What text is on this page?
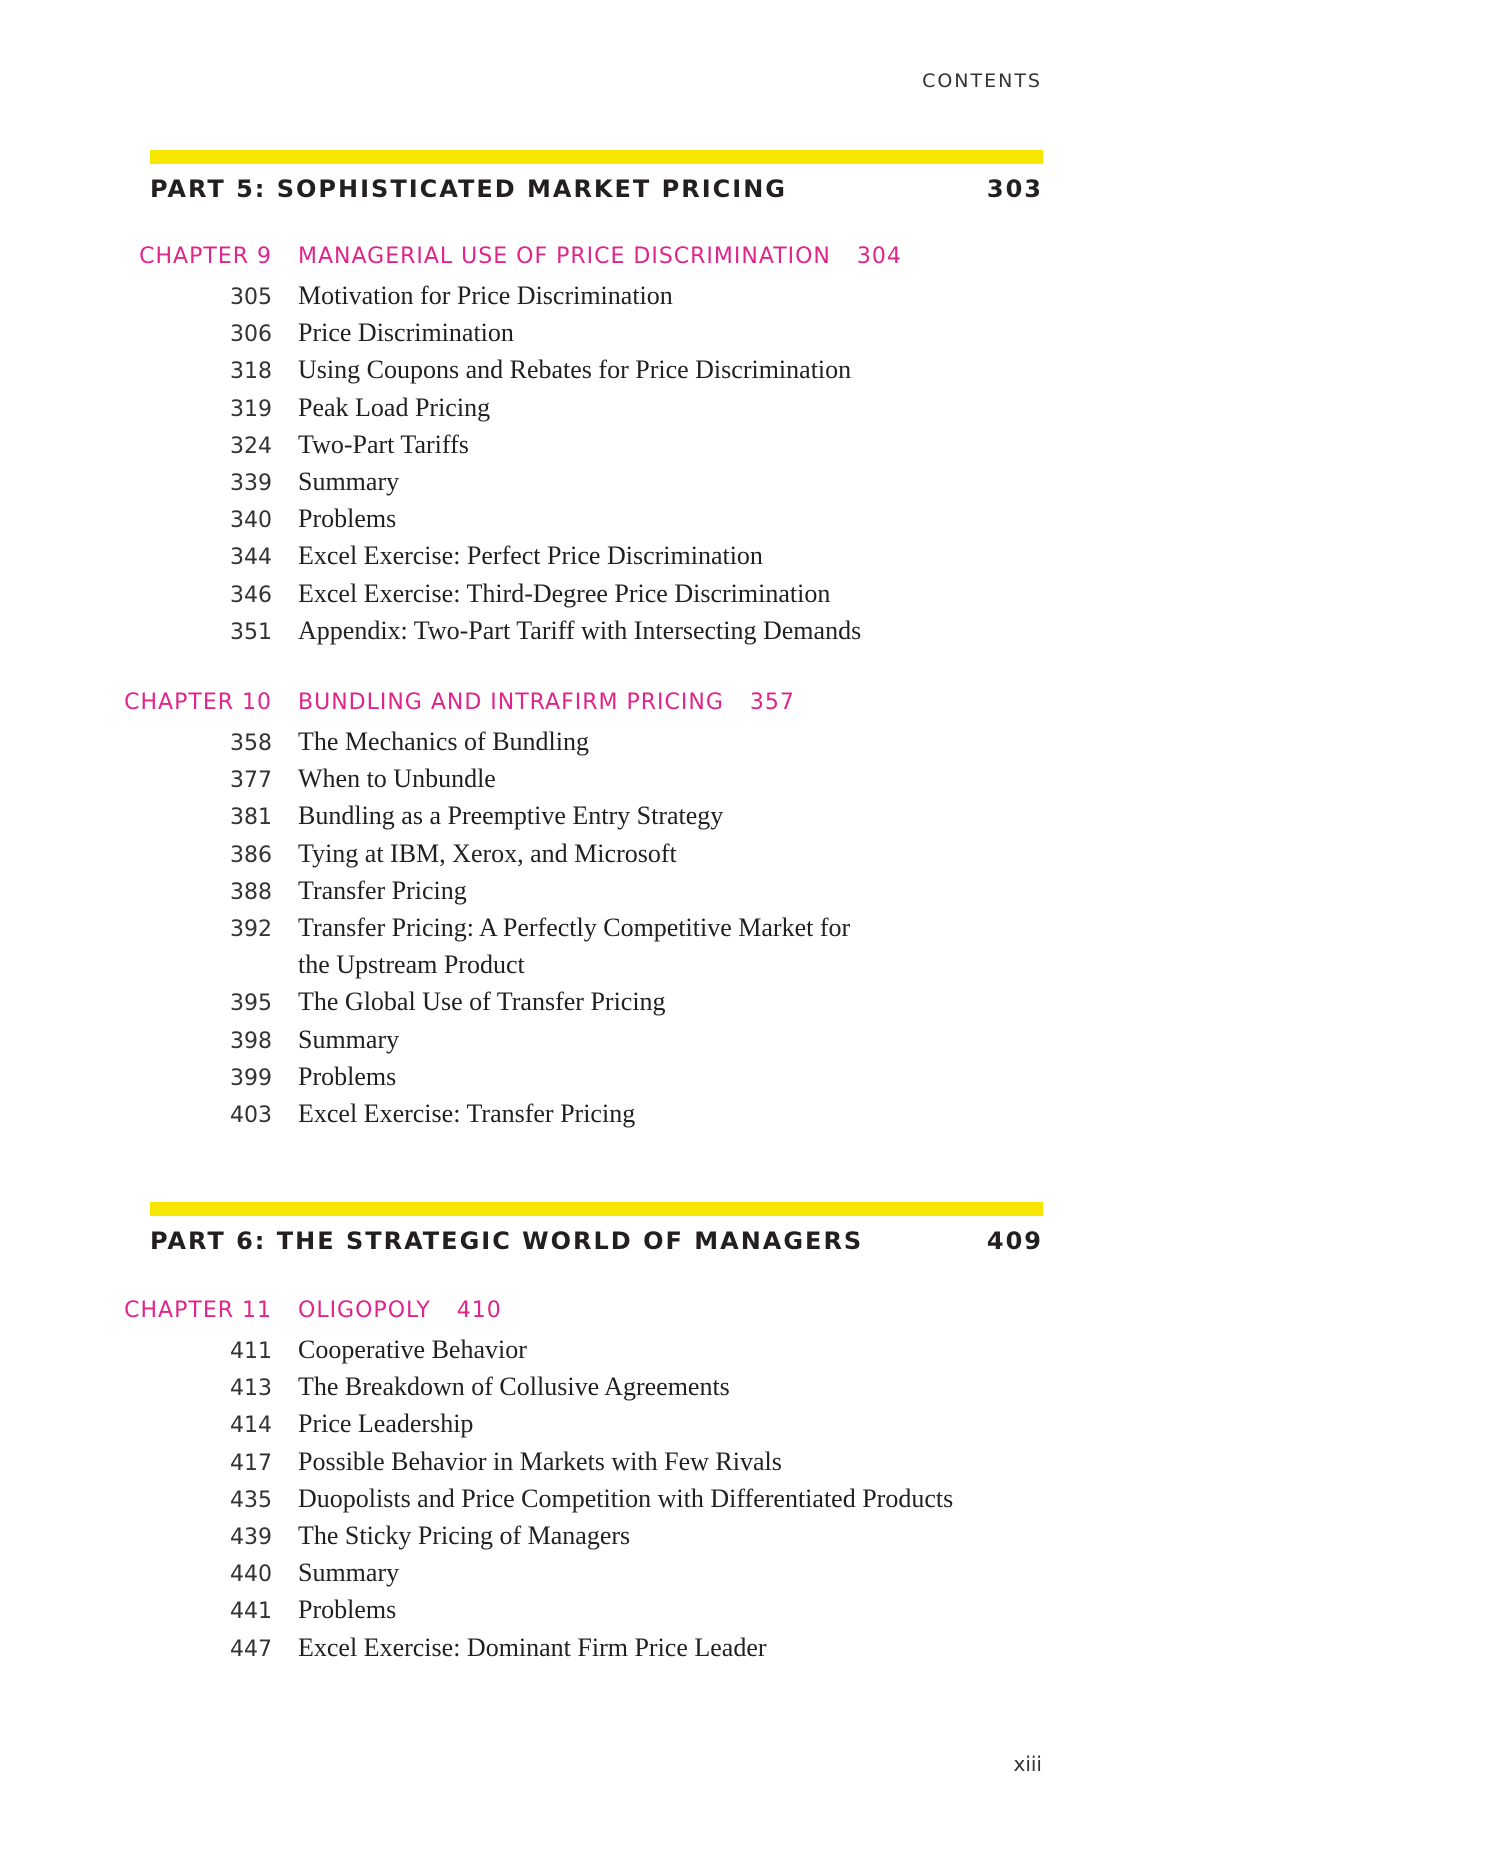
CONTENTS
PART 5: SOPHISTICATED MARKET PRICING	303
CHAPTER 9	MANAGERIAL USE OF PRICE DISCRIMINATION 304
305	Motivation for Price Discrimination
306	Price Discrimination
318	Using Coupons and Rebates for Price Discrimination
319	Peak Load Pricing
324	Two-Part Tariffs
339	Summary
340	Problems
344	Excel Exercise: Perfect Price Discrimination
346	Excel Exercise: Third-Degree Price Discrimination
351	Appendix: Two-Part Tariff with Intersecting Demands
CHAPTER 10	BUNDLING AND INTRAFIRM PRICING 357
358	The Mechanics of Bundling
377	When to Unbundle
381	Bundling as a Preemptive Entry Strategy
386	Tying at IBM, Xerox, and Microsoft
388	Transfer Pricing
392	Transfer Pricing: A Perfectly Competitive Market for
the Upstream Product
395	The Global Use of Transfer Pricing
398	Summary
399	Problems
403	Excel Exercise: Transfer Pricing
PART 6: THE STRATEGIC WORLD OF MANAGERS	409
CHAPTER 11	OLIGOPOLY 410
411	Cooperative Behavior
413	The Breakdown of Collusive Agreements
414	Price Leadership
417	Possible Behavior in Markets with Few Rivals
435	Duopolists and Price Competition with Differentiated Products
439	The Sticky Pricing of Managers
440	Summary
441	Problems
447	Excel Exercise: Dominant Firm Price Leader
xiii
